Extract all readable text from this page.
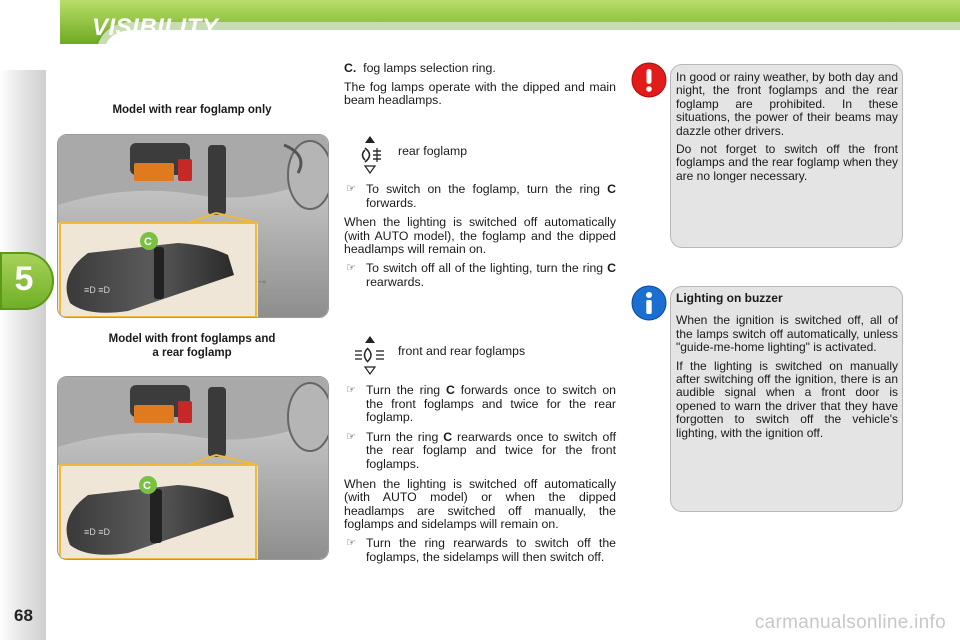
VISIBILITY
5
68	carmanualsonline.info
Model with rear foglamp only
≡D ≡D
⊸
C
Model with front foglamps and
a rear foglamp
≡D ≡D
C
C. fog lamps selection ring.
The fog lamps operate with the dipped and main beam headlamps.
rear foglamp
☞ To switch on the foglamp, turn the ring C forwards.
When the lighting is switched off automatically (with AUTO model), the foglamp and the dipped headlamps will remain on.
☞ To switch off all of the lighting, turn the ring C rearwards.
front and rear foglamps
☞ Turn the ring C forwards once to switch on the front foglamps and twice for the rear foglamp.
☞ Turn the ring C rearwards once to switch off the rear foglamp and twice for the front foglamps.
When the lighting is switched off automatically (with AUTO model) or when the dipped headlamps are switched off manually, the foglamps and sidelamps will remain on.
☞ Turn the ring rearwards to switch off the foglamps, the sidelamps will then switch off.
In good or rainy weather, by both day and night, the front foglamps and the rear foglamp are prohibited. In these situations, the power of their beams may dazzle other drivers.
Do not forget to switch off the front foglamps and the rear foglamp when they are no longer necessary.
Lighting on buzzer
When the ignition is switched off, all of the lamps switch off automatically, unless "guide-me-home lighting" is activated.
If the lighting is switched on manually after switching off the ignition, there is an audible signal when a front door is opened to warn the driver that they have forgotten to switch off the vehicle's lighting, with the ignition off.
